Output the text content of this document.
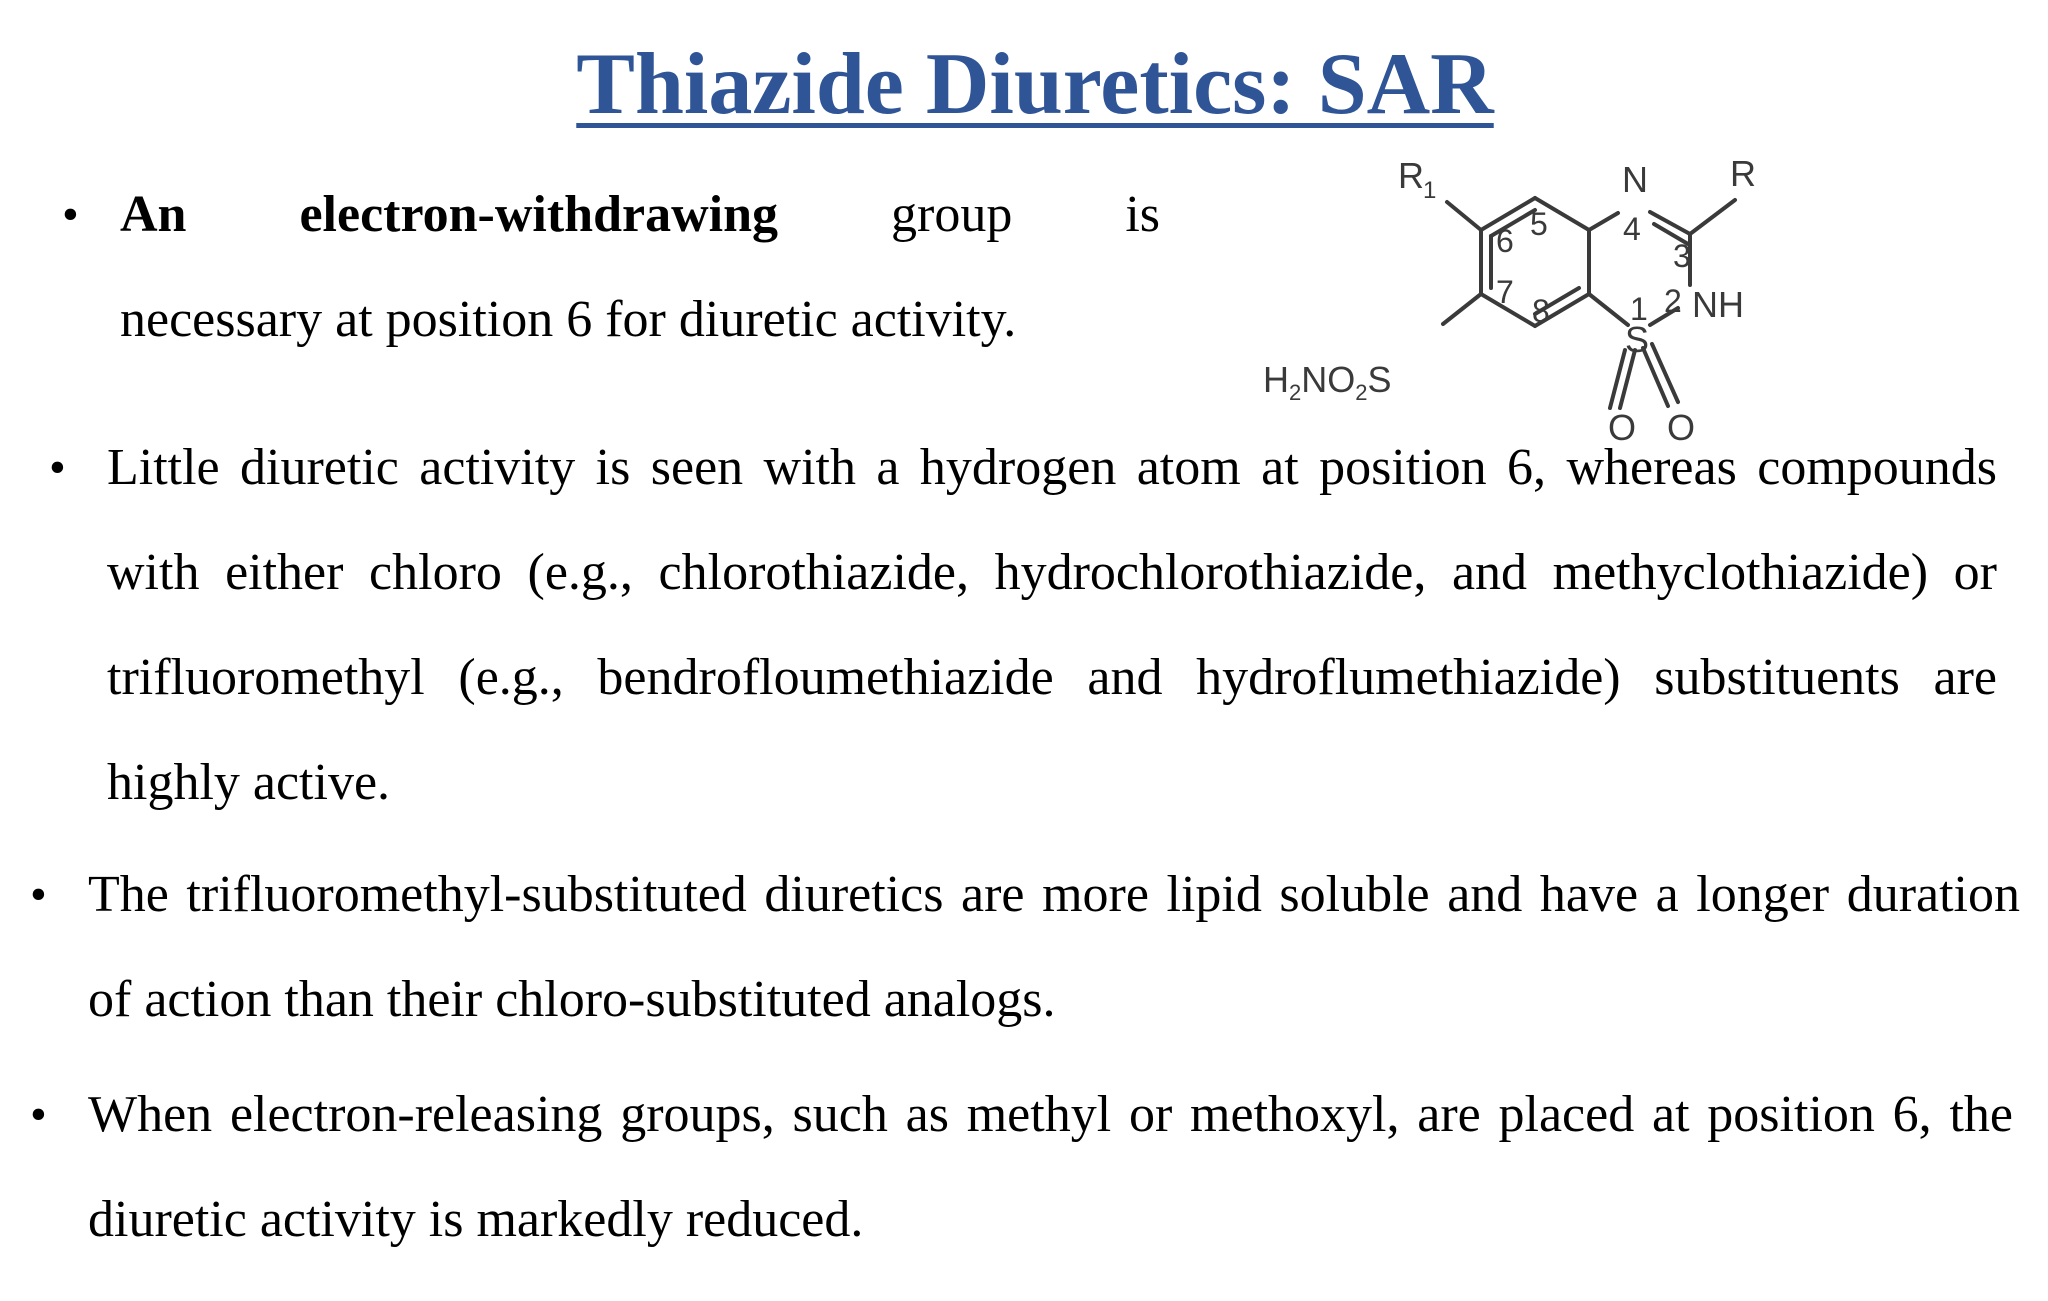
Thiazide Diuretics: SAR
• An electron-withdrawing group is
necessary at position 6 for diuretic activity.
• Little diuretic activity is seen with a hydrogen atom at position 6, whereas compounds with either chloro (e.g., chlorothiazide, hydrochlorothiazide, and methyclothiazide) or trifluoromethyl (e.g., bendrofloumethiazide and hydroflumethiazide) substituents are highly active.
• The trifluoromethyl-substituted diuretics are more lipid soluble and have a longer duration of action than their chloro-substituted analogs.
• When electron-releasing groups, such as methyl or methoxyl, are placed at position 6, the diuretic activity is markedly reduced.
R 1	R
N
NH
S
O O
$H_2NO_2S$
1 2
3
4
5
6
7
8
